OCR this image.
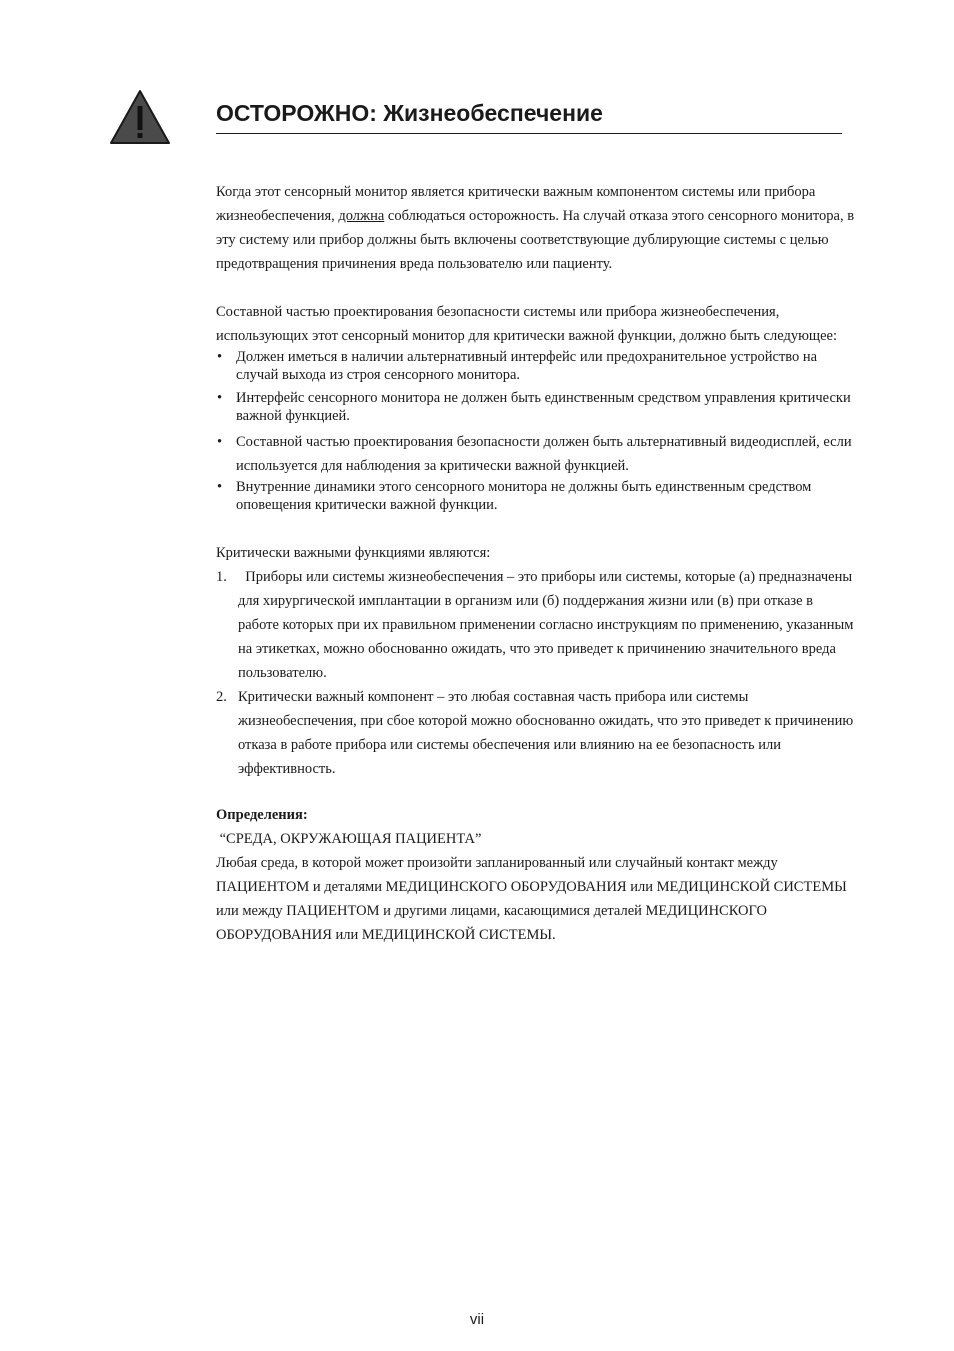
ОСТОРОЖНО: Жизнеобеспечение

Когда этот сенсорный монитор является критически важным компонентом системы или прибора жизнеобеспечения, должна соблюдаться осторожность. На случай отказа этого сенсорного монитора, в эту систему или прибор должны быть включены соответствующие дублирующие системы с целью предотвращения причинения вреда пользователю или пациенту.

Составной частью проектирования безопасности системы или прибора жизнеобеспечения, использующих этот сенсорный монитор для критически важной функции, должно быть следующее:

• Должен иметься в наличии альтернативный интерфейс или предохранительное устройство на случай выхода из строя сенсорного монитора.
• Интерфейс сенсорного монитора не должен быть единственным средством управления критически важной функцией.
• Составной частью проектирования безопасности должен быть альтернативный видеодисплей, если используется для наблюдения за критически важной функцией.
• Внутренние динамики этого сенсорного монитора не должны быть единственным средством оповещения критически важной функции.

Критически важными функциями являются:

1. Приборы или системы жизнеобеспечения – это приборы или системы, которые (а) предназначены для хирургической имплантации в организм или (б) поддержания жизни или (в) при отказе в работе которых при их правильном применении согласно инструкциям по применению, указанным на этикетках, можно обоснованно ожидать, что это приведет к причинению значительного вреда пользователю.
2. Критически важный компонент – это любая составная часть прибора или системы жизнеобеспечения, при сбое которой можно обоснованно ожидать, что это приведет к причинению отказа в работе прибора или системы обеспечения или влиянию на ее безопасность или эффективность.

Определения:

“СРЕДА, ОКРУЖАЮЩАЯ ПАЦИЕНТА”

Любая среда, в которой может произойти запланированный или случайный контакт между ПАЦИЕНТОМ и деталями МЕДИЦИНСКОГО ОБОРУДОВАНИЯ или МЕДИЦИНСКОЙ СИСТЕМЫ или между ПАЦИЕНТОМ и другими лицами, касающимися деталей МЕДИЦИНСКОГО ОБОРУДОВАНИЯ или МЕДИЦИНСКОЙ СИСТЕМЫ.

vii
